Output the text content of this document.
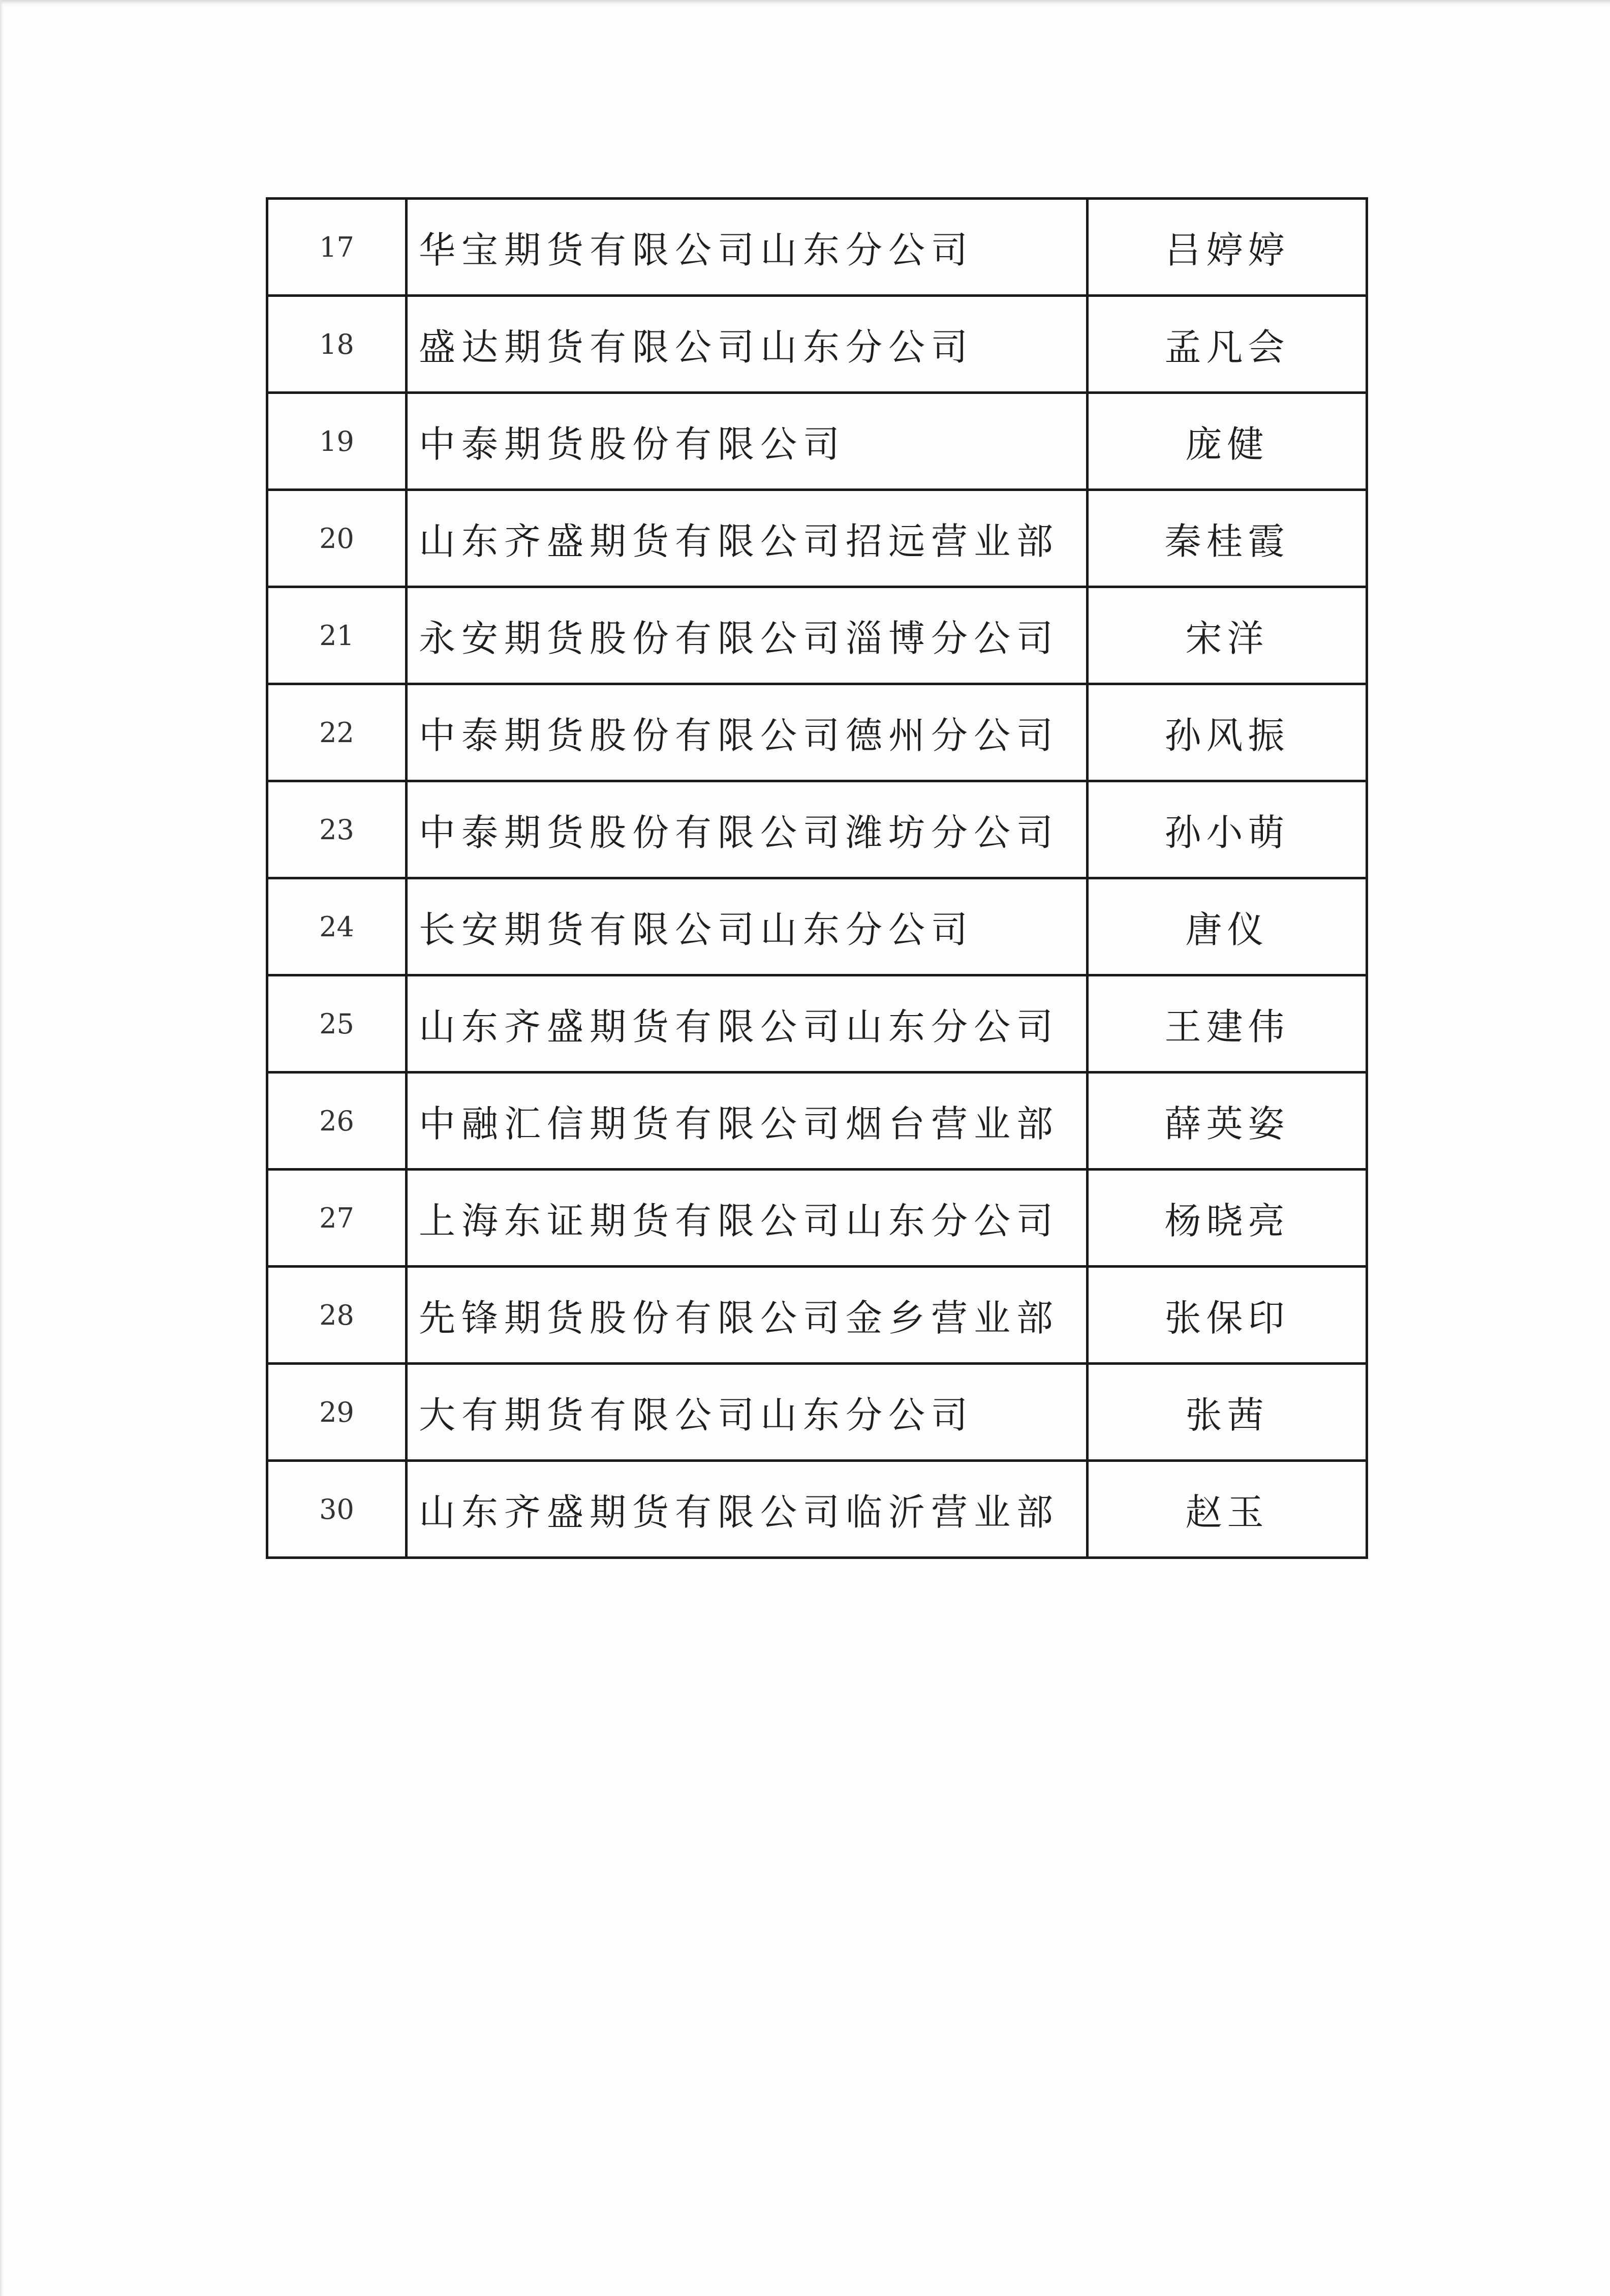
17	华宝期货有限公司山东分公司	吕婷婷
18	盛达期货有限公司山东分公司	孟凡会
19	中泰期货股份有限公司	庞健
20	山东齐盛期货有限公司招远营业部	秦桂霞
21	永安期货股份有限公司淄博分公司	宋洋
22	中泰期货股份有限公司德州分公司	孙风振
23	中泰期货股份有限公司潍坊分公司	孙小萌
24	长安期货有限公司山东分公司	唐仪
25	山东齐盛期货有限公司山东分公司	王建伟
26	中融汇信期货有限公司烟台营业部	薛英姿
27	上海东证期货有限公司山东分公司	杨晓亮
28	先锋期货股份有限公司金乡营业部	张保印
29	大有期货有限公司山东分公司	张茜
30	山东齐盛期货有限公司临沂营业部	赵玉
